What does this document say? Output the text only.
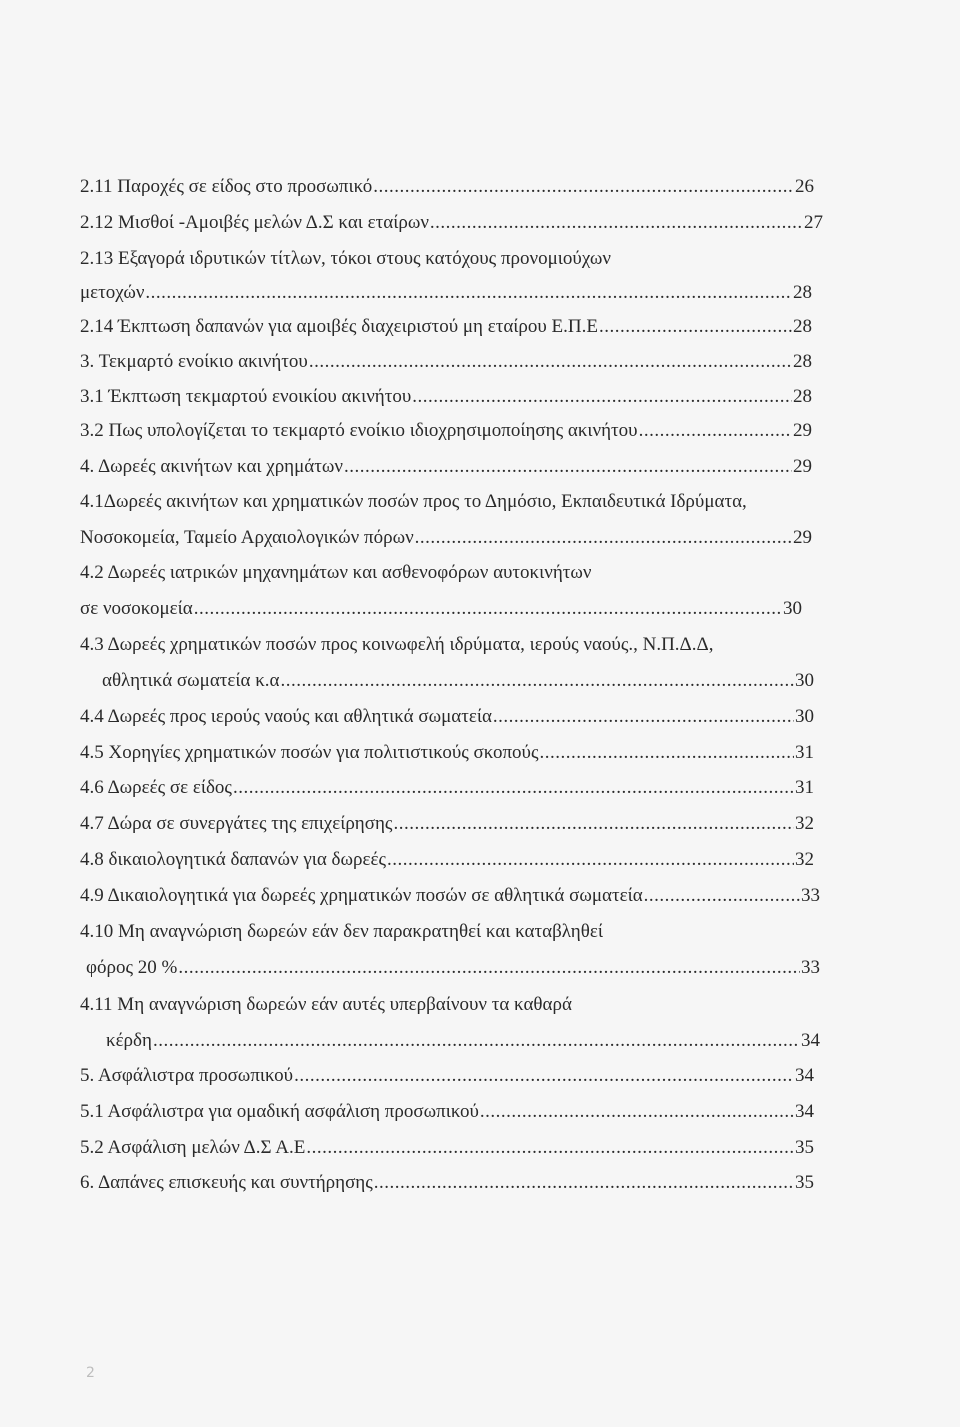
2.11 Παροχές σε είδος στο προσωπικό .....	26
2.12 Μισθοί -Αμοιβές μελών Δ.Σ και εταίρων .....	27
2.13 Εξαγορά ιδρυτικών τίτλων, τόκοι στους κατόχους προνομιούχων
μετοχών .....	28
2.14 Έκπτωση δαπανών για αμοιβές διαχειριστού μη εταίρου Ε.Π.Ε .....	28
3. Τεκμαρτό ενοίκιο ακινήτου .....	28
3.1 Έκπτωση τεκμαρτού ενοικίου ακινήτου .....	28
3.2 Πως υπολογίζεται το τεκμαρτό ενοίκιο ιδιοχρησιμοποίησης ακινήτου .....	29
4. Δωρεές ακινήτων και χρημάτων .....	29
4.1Δωρεές ακινήτων και χρηματικών ποσών προς το Δημόσιο, Εκπαιδευτικά Ιδρύματα,
Νοσοκομεία, Ταμείο Αρχαιολογικών πόρων .....	29
4.2 Δωρεές ιατρικών μηχανημάτων και ασθενοφόρων αυτοκινήτων
σε νοσοκομεία .....	30
4.3 Δωρεές χρηματικών ποσών προς κοινωφελή ιδρύματα, ιερούς ναούς., Ν.Π.Δ.Δ,
αθλητικά σωματεία κ.α .....	30
4.4 Δωρεές προς ιερούς ναούς και αθλητικά σωματεία .....	30
4.5 Χορηγίες χρηματικών ποσών για πολιτιστικούς σκοπούς .....	31
4.6 Δωρεές σε είδος .....	31
4.7 Δώρα σε συνεργάτες της επιχείρησης .....	32
4.8 δικαιολογητικά δαπανών για δωρεές .....	32
4.9 Δικαιολογητικά για δωρεές χρηματικών ποσών σε αθλητικά σωματεία .....	33
4.10 Μη αναγνώριση δωρεών εάν δεν παρακρατηθεί και καταβληθεί
φόρος 20 % .....	33
4.11 Μη αναγνώριση δωρεών εάν αυτές υπερβαίνουν τα καθαρά
κέρδη .....	34
5. Ασφάλιστρα προσωπικού .....	34
5.1 Ασφάλιστρα για ομαδική ασφάλιση προσωπικού .....	34
5.2 Ασφάλιση μελών Δ.Σ Α.Ε .....	35
6. Δαπάνες επισκευής και συντήρησης .....	35
2
